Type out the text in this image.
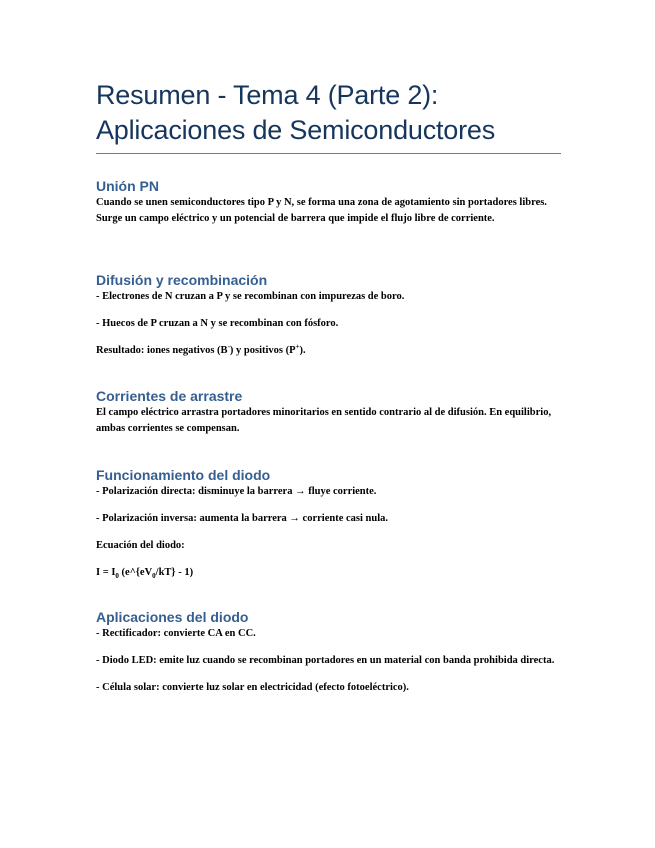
Resumen - Tema 4 (Parte 2):
Aplicaciones de Semiconductores
Unión PN

Cuando se unen semiconductores tipo P y N, se forma una zona de agotamiento sin portadores libres. Surge un campo eléctrico y un potencial de barrera que impide el flujo libre de corriente.

Difusión y recombinación

- Electrones de N cruzan a P y se recombinan con impurezas de boro.

- Huecos de P cruzan a N y se recombinan con fósforo.

Resultado: iones negativos (B-) y positivos (P+).

Corrientes de arrastre

El campo eléctrico arrastra portadores minoritarios en sentido contrario al de difusión. En equilibrio, ambas corrientes se compensan.

Funcionamiento del diodo

- Polarización directa: disminuye la barrera → fluye corriente.

- Polarización inversa: aumenta la barrera → corriente casi nula.

Ecuación del diodo:

$I = I_0$ $(e\^{}\{eV_0/kT\} - 1)$

Aplicaciones del diodo

- Rectificador: convierte CA en CC.

- Diodo LED: emite luz cuando se recombinan portadores en un material con banda prohibida directa.

- Célula solar: convierte luz solar en electricidad (efecto fotoeléctrico).
